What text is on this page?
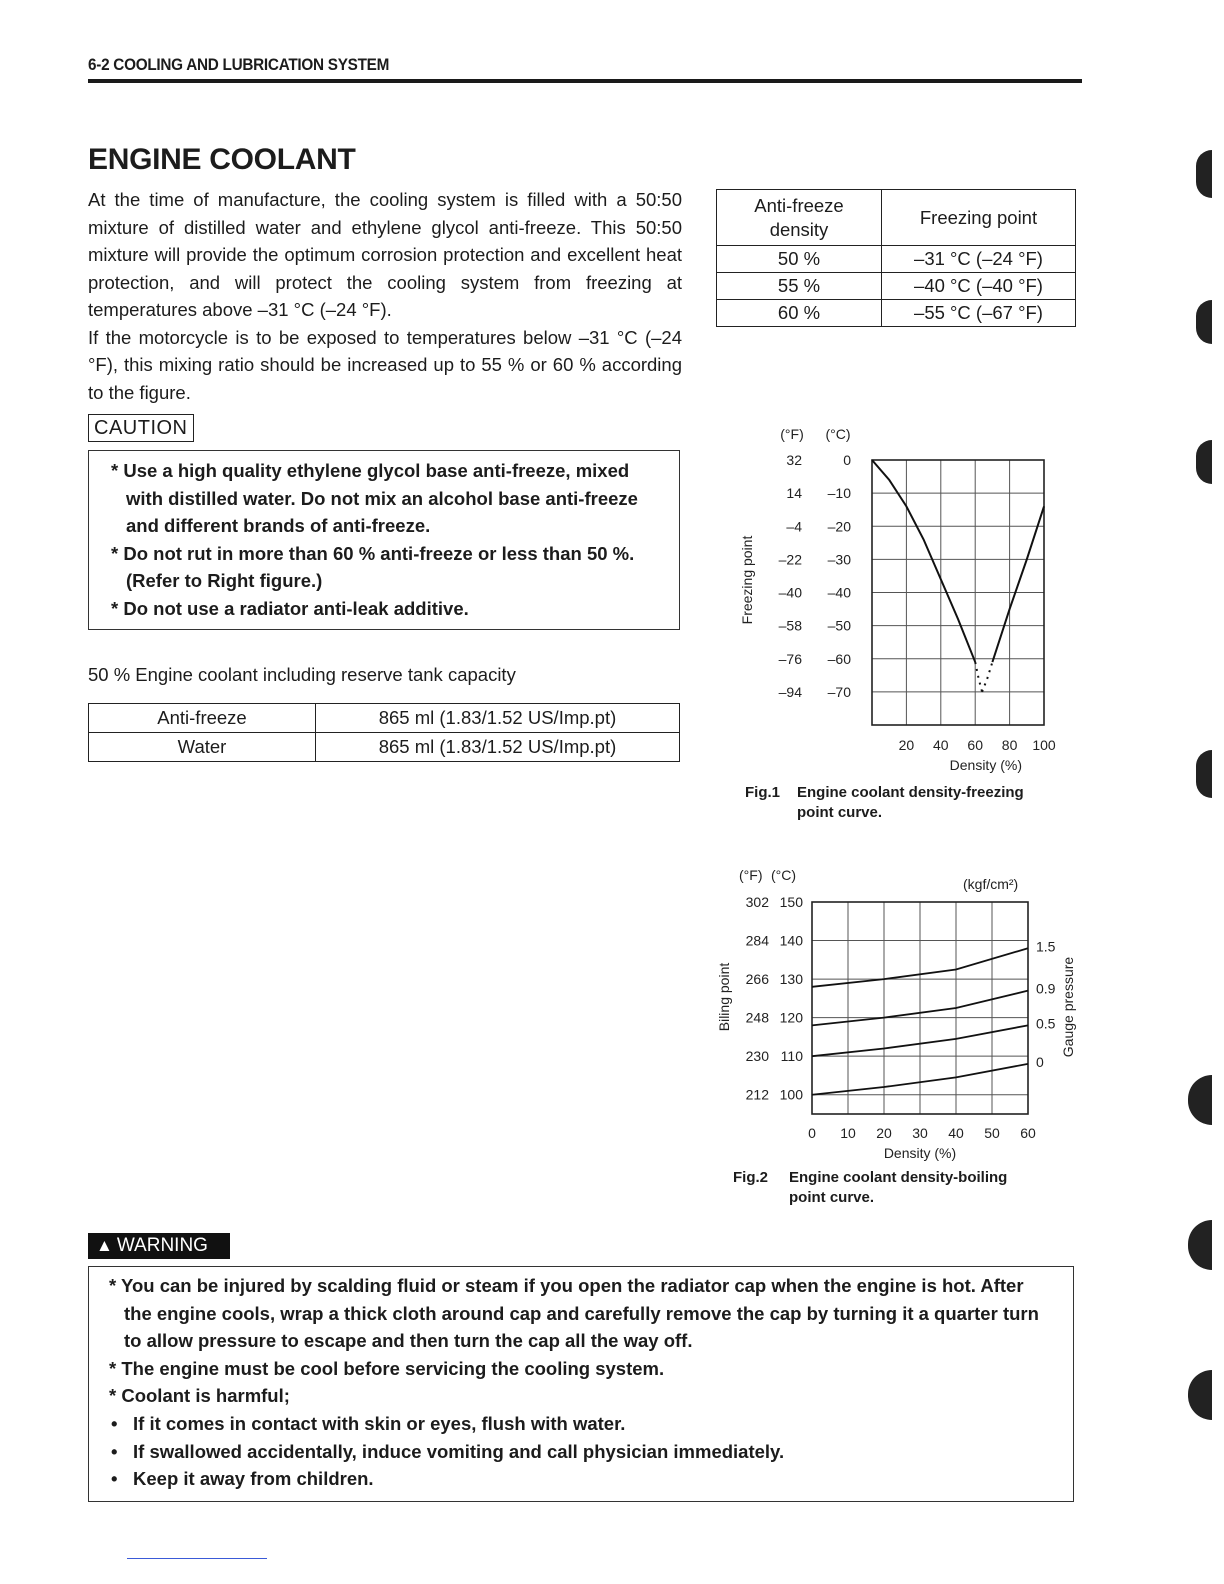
6-2 COOLING AND LUBRICATION SYSTEM
ENGINE COOLANT

At the time of manufacture, the cooling system is filled with a 50:50 mixture of distilled water and ethylene glycol anti-freeze. This 50:50 mixture will provide the optimum corrosion protection and excellent heat protection, and will protect the cooling system from freezing at temperatures above –31 °C (–24 °F).

If the motorcycle is to be exposed to temperatures below –31 °C (–24 °F), this mixing ratio should be increased up to 55 % or 60 % according to the figure.

CAUTION
* Use a high quality ethylene glycol base anti-freeze, mixed with distilled water. Do not mix an alcohol base anti-freeze and different brands of anti-freeze.
* Do not rut in more than 60 % anti-freeze or less than 50 %. (Refer to Right figure.)
* Do not use a radiator anti-leak additive.
50 % Engine coolant including reserve tank capacity
Anti-freeze	865 ml (1.83/1.52 US/Imp.pt)
Water	865 ml (1.83/1.52 US/Imp.pt)
Anti-freeze density	Freezing point
50 %	–31 °C (–24 °F)
55 %	–40 °C (–40 °F)
60 %	–55 °C (–67 °F)
(°F) (°C)
32	0
14 –10
–4 –20
–22 –30
–40 –40
–58 –50
–76 –60
–94 –70
Freezing point
20 40 60 80 100
Density (%)
Fig.1 Engine coolant density-freezing
point curve.
(°F) (°C)
(kgf/cm²)
302 150
284 140
266 130
248 120
230 110
212 100
Biling point	Gauge pressure
0 10 20 30 40 50 60
Density (%)
0
0.5
0.9
1.5
Fig.2 Engine coolant density-boiling
point curve.
▲ WARNING
* You can be injured by scalding fluid or steam if you open the radiator cap when the engine is hot. After the engine cools, wrap a thick cloth around cap and carefully remove the cap by turning it a quarter turn to allow pressure to escape and then turn the cap all the way off.
* The engine must be cool before servicing the cooling system.
* Coolant is harmful;
• If it comes in contact with skin or eyes, flush with water.
• If swallowed accidentally, induce vomiting and call physician immediately.
• Keep it away from children.
